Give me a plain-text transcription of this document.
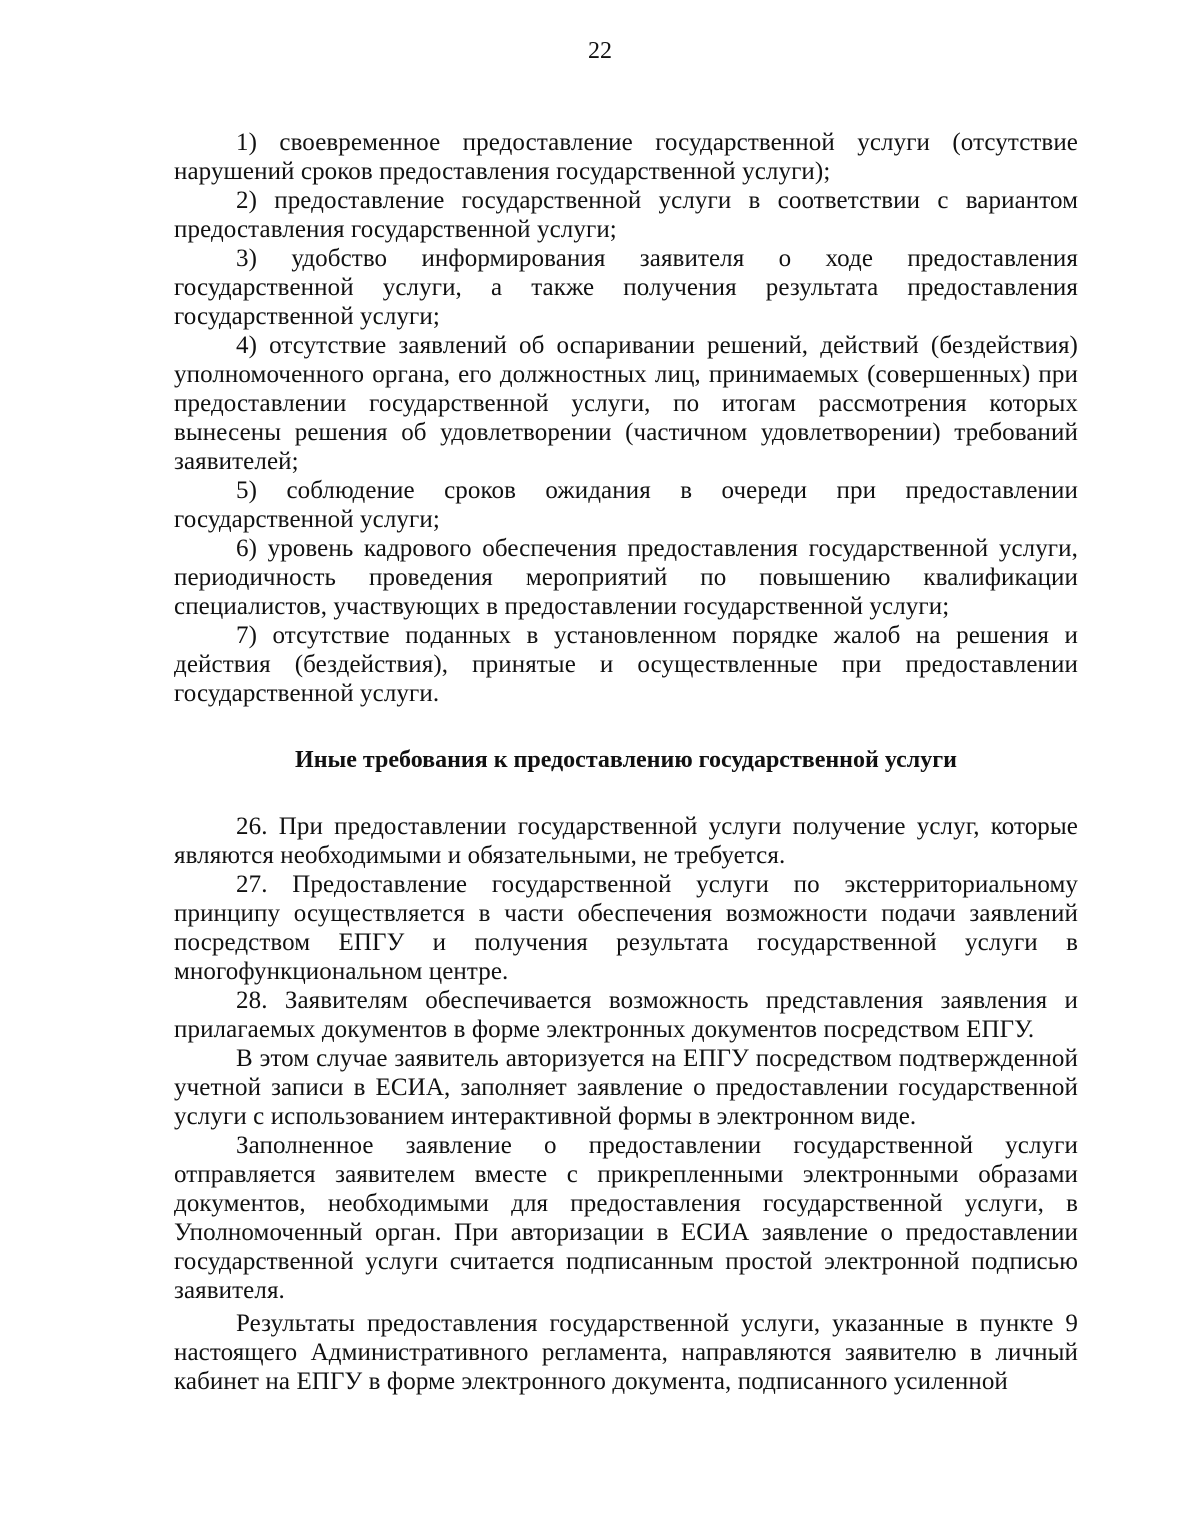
22

1) своевременное предоставление государственной услуги (отсутствие нарушений сроков предоставления государственной услуги);

2) предоставление государственной услуги в соответствии с вариантом предоставления государственной услуги;

3) удобство информирования заявителя о ходе предоставления государственной услуги, а также получения результата предоставления государственной услуги;

4) отсутствие заявлений об оспаривании решений, действий (бездействия) уполномоченного органа, его должностных лиц, принимаемых (совершенных) при предоставлении государственной услуги, по итогам рассмотрения которых вынесены решения об удовлетворении (частичном удовлетворении) требований заявителей;

5) соблюдение сроков ожидания в очереди при предоставлении государственной услуги;

6) уровень кадрового обеспечения предоставления государственной услуги, периодичность проведения мероприятий по повышению квалификации специалистов, участвующих в предоставлении государственной услуги;

7) отсутствие поданных в установленном порядке жалоб на решения и действия (бездействия), принятые и осуществленные при предоставлении государственной услуги.

Иные требования к предоставлению государственной услуги

26. При предоставлении государственной услуги получение услуг, которые являются необходимыми и обязательными, не требуется.

27. Предоставление государственной услуги по экстерриториальному принципу осуществляется в части обеспечения возможности подачи заявлений посредством ЕПГУ и получения результата государственной услуги в многофункциональном центре.

28. Заявителям обеспечивается возможность представления заявления и прилагаемых документов в форме электронных документов посредством ЕПГУ.

В этом случае заявитель авторизуется на ЕПГУ посредством подтвержденной учетной записи в ЕСИА, заполняет заявление о предоставлении государственной услуги с использованием интерактивной формы в электронном виде.

Заполненное заявление о предоставлении государственной услуги отправляется заявителем вместе с прикрепленными электронными образами документов, необходимыми для предоставления государственной услуги, в Уполномоченный орган. При авторизации в ЕСИА заявление о предоставлении государственной услуги считается подписанным простой электронной подписью заявителя.

Результаты предоставления государственной услуги, указанные в пункте 9 настоящего Административного регламента, направляются заявителю в личный кабинет на ЕПГУ в форме электронного документа, подписанного усиленной
